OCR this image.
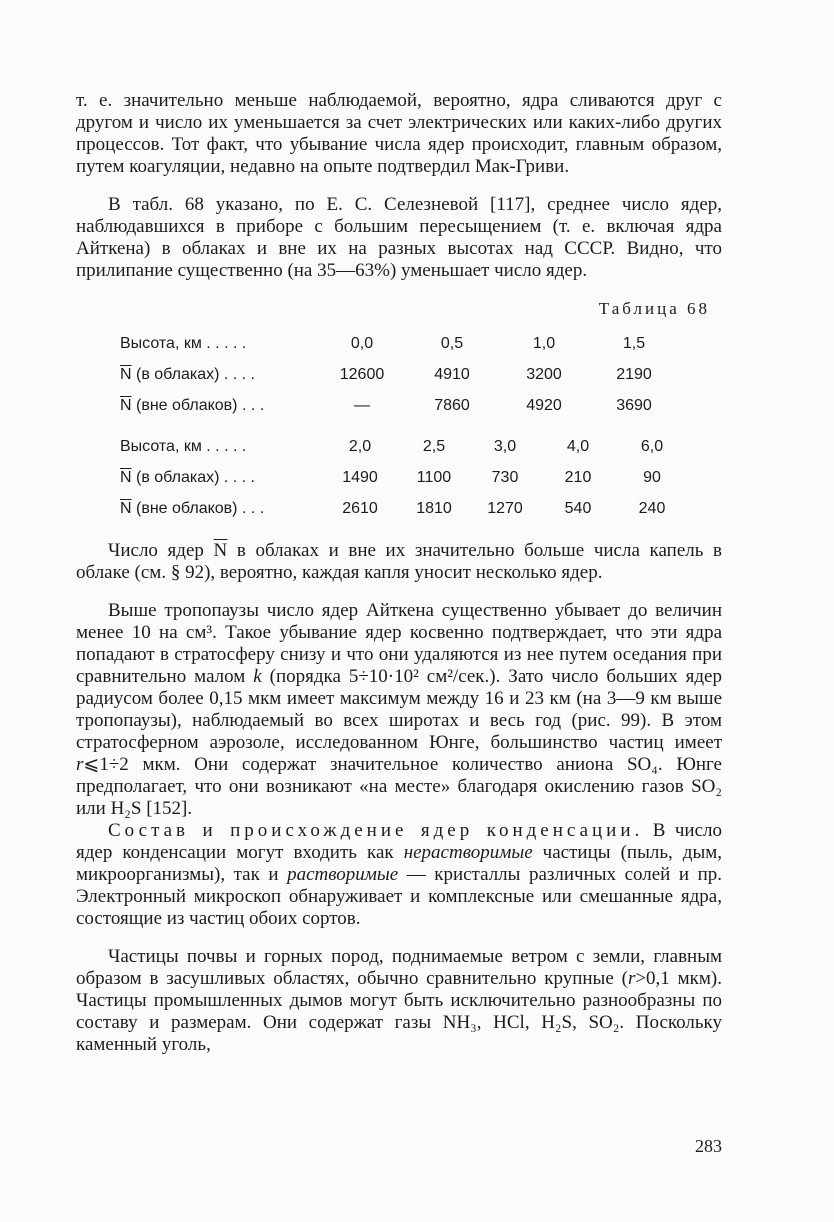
т. е. значительно меньше наблюдаемой, вероятно, ядра сливаются друг с другом и число их уменьшается за счет электрических или каких-либо других процессов. Тот факт, что убывание числа ядер происходит, главным образом, путем коагуляции, недавно на опыте подтвердил Мак-Гриви.

В табл. 68 указано, по Е. С. Селезневой [117], среднее число ядер, наблюдавшихся в приборе с большим пересыщением (т. е. включая ядра Айткена) в облаках и вне их на разных высотах над СССР. Видно, что прилипание существенно (на 35—63%) уменьшает число ядер.

Таблица 68
Высота, км . . . . .	0,0	0,5	1,0	1,5
$\overline{N}$ (в облаках) . . . .	12600	4910	3200	2190
$\overline{N}$ (вне облаков) . . .	—	7860	4920	3690

Высота, км . . . . .	2,0	2,5	3,0	4,0	6,0
$\overline{N}$ (в облаках) . . . .	1490	1100	730	210	90
$\overline{N}$ (вне облаков) . . .	2610	1810	1270	540	240

Число ядер $\overline{N}$ в облаках и вне их значительно больше числа капель в облаке (см. § 92), вероятно, каждая капля уносит несколько ядер.

Выше тропопаузы число ядер Айткена существенно убывает до величин менее 10 на см³. Такое убывание ядер косвенно подтверждает, что эти ядра попадают в стратосферу снизу и что они удаляются из нее путем оседания при сравнительно малом k (порядка 5÷10·10² см²/сек.). Зато число больших ядер радиусом более 0,15 мкм имеет максимум между 16 и 23 км (на 3—9 км выше тропопаузы), наблюдаемый во всех широтах и весь год (рис. 99). В этом стратосферном аэрозоле, исследованном Юнге, большинство частиц имеет r⩽1÷2 мкм. Они содержат значительное количество аниона SO₄. Юнге предполагает, что они возникают «на месте» благодаря окислению газов SO₂ или H₂S [152].

Состав и происхождение ядер конденсации. В число ядер конденсации могут входить как нерастворимые частицы (пыль, дым, микроорганизмы), так и растворимые — кристаллы различных солей и пр. Электронный микроскоп обнаруживает и комплексные или смешанные ядра, состоящие из частиц обоих сортов.

Частицы почвы и горных пород, поднимаемые ветром с земли, главным образом в засушливых областях, обычно сравнительно крупные (r>0,1 мкм). Частицы промышленных дымов могут быть исключительно разнообразны по составу и размерам. Они содержат газы NH₃, HCl, H₂S, SO₂. Поскольку каменный уголь,

283
